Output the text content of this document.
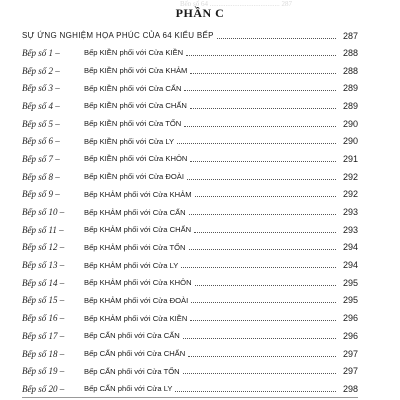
Bếp số 64 ........................................ 287
PHẦN C
SỰ ỨNG NGHIỆM HỌA PHÚC CỦA 64 KIỂU BẾP	287
Bếp số 1 –	Bếp KIỀN phối với Cửa KIỀN	288
Bếp số 2 –	Bếp KIỀN phối với Cửa KHẢM	288
Bếp số 3 –	Bếp KIỀN phối với Cửa CẤN	289
Bếp số 4 –	Bếp KIỀN phối với Cửa CHẤN	289
Bếp số 5 –	Bếp KIỀN phối với Cửa TỐN	290
Bếp số 6 –	Bếp KIỀN phối với Cửa LY	290
Bếp số 7 –	Bếp KIỀN phối với Cửa KHÔN	291
Bếp số 8 –	Bếp KIỀN phối với Cửa ĐOÀI	292
Bếp số 9 –	Bếp KHẢM phối với Cửa KHẢM	292
Bếp số 10 –	Bếp KHẢM phối với Cửa CẤN	293
Bếp số 11 –	Bếp KHẢM phối với Cửa CHẤN	293
Bếp số 12 –	Bếp KHẢM phối với Cửa TỐN	294
Bếp số 13 –	Bếp KHẢM phối với Cửa LY	294
Bếp số 14 –	Bếp KHẢM phối với Cửa KHÔN	295
Bếp số 15 –	Bếp KHẢM phối với Cửa ĐOÀI	295
Bếp số 16 –	Bếp KHẢM phối với Cửa KIỀN	296
Bếp số 17 –	Bếp CẤN phối với Cửa CẤN	296
Bếp số 18 –	Bếp CẤN phối với Cửa CHẤN	297
Bếp số 19 –	Bếp CẤN phối với Cửa TỐN	297
Bếp số 20 –	Bếp CẤN phối với Cửa LY	298
